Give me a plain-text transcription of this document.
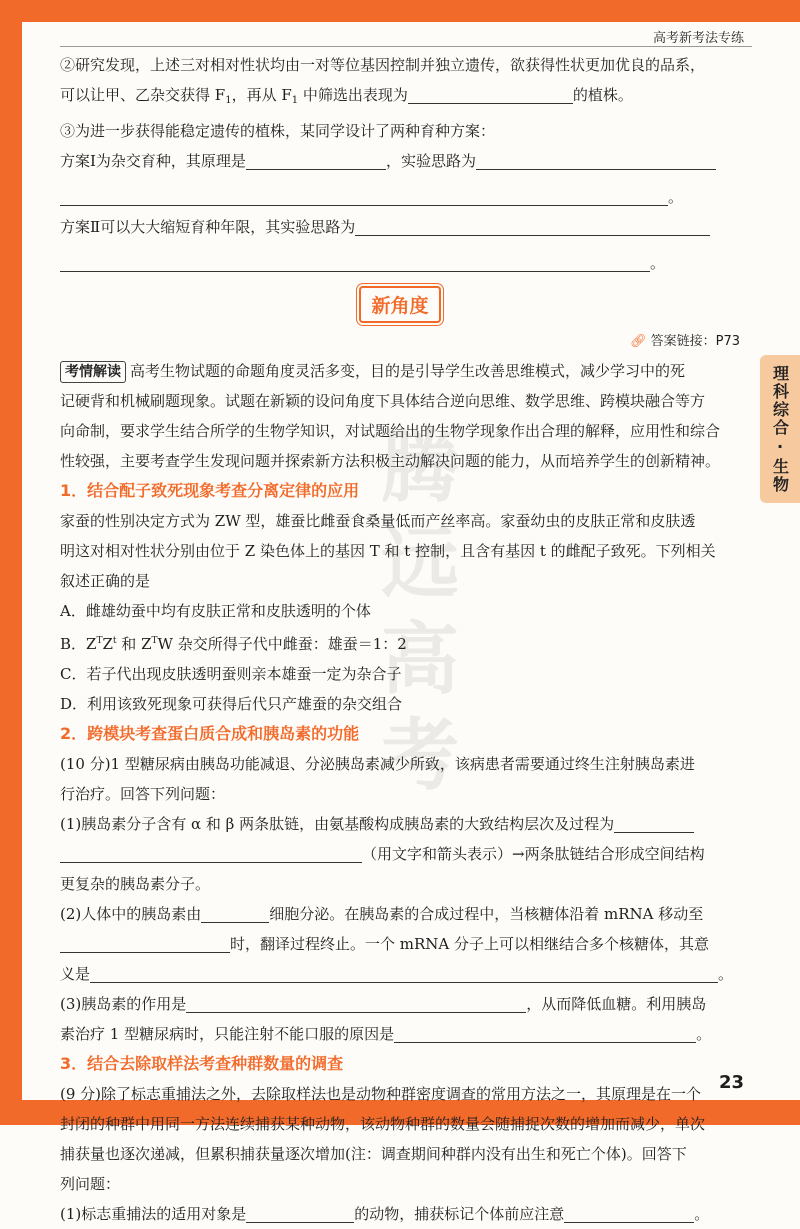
高考新考法专练
理科综合·生物
腾远高考
②研究发现，上述三对相对性状均由一对等位基因控制并独立遗传，欲获得性状更加优良的品系，
可以让甲、乙杂交获得 $F_1$，再从 $F_1$ 中筛选出表现为	的植株。
③为进一步获得能稳定遗传的植株，某同学设计了两种育种方案：
方案Ⅰ为杂交育种，其原理是	，实验思路为
。
方案Ⅱ可以大大缩短育种年限，其实验思路为
。
新角度
🔗︎ 答案链接：P73
考情解读 高考生物试题的命题角度灵活多变，目的是引导学生改善思维模式，减少学习中的死
记硬背和机械刷题现象。试题在新颖的设问角度下具体结合逆向思维、数学思维、跨模块融合等方
向命制，要求学生结合所学的生物学知识，对试题给出的生物学现象作出合理的解释，应用性和综合
性较强，主要考查学生发现问题并探索新方法积极主动解决问题的能力，从而培养学生的创新精神。
1．结合配子致死现象考查分离定律的应用
家蚕的性别决定方式为 ZW 型，雄蚕比雌蚕食桑量低而产丝率高。家蚕幼虫的皮肤正常和皮肤透
明这对相对性状分别由位于 Z 染色体上的基因 T 和 t 控制，且含有基因 t 的雌配子致死。下列相关
叙述正确的是
A．雌雄幼蚕中均有皮肤正常和皮肤透明的个体
B．$Z^TZ^t$ 和 $Z^TW$ 杂交所得子代中雌蚕：雄蚕＝1：2
C．若子代出现皮肤透明蚕则亲本雄蚕一定为杂合子
D．利用该致死现象可获得后代只产雄蚕的杂交组合
2．跨模块考查蛋白质合成和胰岛素的功能
(10 分)1 型糖尿病由胰岛功能减退、分泌胰岛素减少所致，该病患者需要通过终生注射胰岛素进
行治疗。回答下列问题：
(1)胰岛素分子含有 α 和 β 两条肽链，由氨基酸构成胰岛素的大致结构层次及过程为
（用文字和箭头表示）→两条肽链结合形成空间结构
更复杂的胰岛素分子。
(2)人体中的胰岛素由	细胞分泌。在胰岛素的合成过程中，当核糖体沿着 mRNA 移动至
时，翻译过程终止。一个 mRNA 分子上可以相继结合多个核糖体，其意
义是	。
(3)胰岛素的作用是	，从而降低血糖。利用胰岛
素治疗 1 型糖尿病时，只能注射不能口服的原因是	。
3．结合去除取样法考查种群数量的调查
(9 分)除了标志重捕法之外，去除取样法也是动物种群密度调查的常用方法之一，其原理是在一个
封闭的种群中用同一方法连续捕获某种动物，该动物种群的数量会随捕捉次数的增加而减少，单次
捕获量也逐次递减，但累积捕获量逐次增加(注：调查期间种群内没有出生和死亡个体)。回答下
列问题：
(1)标志重捕法的适用对象是	的动物，捕获标记个体前应注意	。
23
